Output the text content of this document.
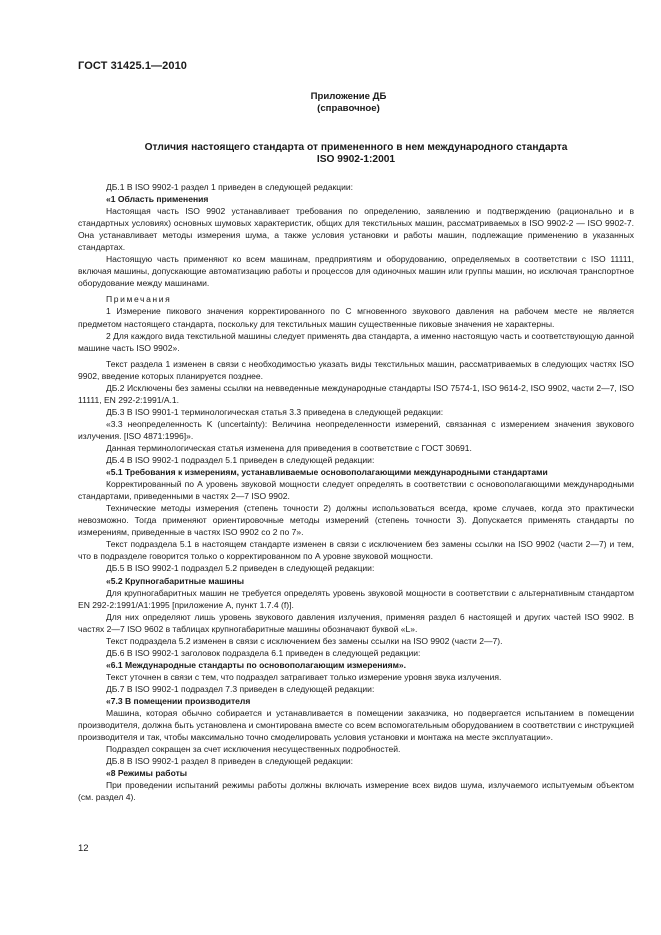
ГОСТ 31425.1—2010
Приложение ДБ
(справочное)
Отличия настоящего стандарта от примененного в нем международного стандарта
ISO 9902-1:2001

ДБ.1 В ISO 9902-1 раздел 1 приведен в следующей редакции:

«1 Область применения

Настоящая часть ISO 9902 устанавливает требования по определению, заявлению и подтверждению (рационально и в стандартных условиях) основных шумовых характеристик, общих для текстильных машин, рассматриваемых в ISO 9902-2 — ISO 9902-7. Она устанавливает методы измерения шума, а также условия установки и работы машин, подлежащие применению в указанных стандартах.

Настоящую часть применяют ко всем машинам, предприятиям и оборудованию, определяемых в соответствии с ISO 11111, включая машины, допускающие автоматизацию работы и процессов для одиночных машин или группы машин, но исключая транспортное оборудование между машинами.

Примечания

1 Измерение пикового значения корректированного по С мгновенного звукового давления на рабочем месте не является предметом настоящего стандарта, поскольку для текстильных машин существенные пиковые значения не характерны.

2 Для каждого вида текстильной машины следует применять два стандарта, а именно настоящую часть и соответствующую данной машине часть ISO 9902».

Текст раздела 1 изменен в связи с необходимостью указать виды текстильных машин, рассматриваемых в следующих частях ISO 9902, введение которых планируется позднее.

ДБ.2 Исключены без замены ссылки на невведенные международные стандарты ISO 7574-1, ISO 9614-2, ISO 9902, части 2—7, ISO 11111, EN 292-2:1991/A.1.

ДБ.3 В ISO 9901-1 терминологическая статья 3.3 приведена в следующей редакции:

«3.3 неопределенность K (uncertainty): Величина неопределенности измерений, связанная с измерением значения звукового излучения. [ISO 4871:1996]».

Данная терминологическая статья изменена для приведения в соответствие с ГОСТ 30691.

ДБ.4 В ISO 9902-1 подраздел 5.1 приведен в следующей редакции:

«5.1 Требования к измерениям, устанавливаемые основополагающими международными стандартами

Корректированный по А уровень звуковой мощности следует определять в соответствии с основополагающими международными стандартами, приведенными в частях 2—7 ISO 9902.

Технические методы измерения (степень точности 2) должны использоваться всегда, кроме случаев, когда это практически невозможно. Тогда применяют ориентировочные методы измерений (степень точности 3). Допускается применять стандарты по измерениям, приведенные в частях ISO 9902 со 2 по 7».

Текст подраздела 5.1 в настоящем стандарте изменен в связи с исключением без замены ссылки на ISO 9902 (части 2—7) и тем, что в подразделе говорится только о корректированном по А уровне звуковой мощности.

ДБ.5 В ISO 9902-1 подраздел 5.2 приведен в следующей редакции:

«5.2 Крупногабаритные машины

Для крупногабаритных машин не требуется определять уровень звуковой мощности в соответствии с альтернативным стандартом EN 292-2:1991/A1:1995 [приложение А, пункт 1.7.4 (f)].

Для них определяют лишь уровень звукового давления излучения, применяя раздел 6 настоящей и других частей ISO 9902. В частях 2—7 ISO 9602 в таблицах крупногабаритные машины обозначают буквой «L».

Текст подраздела 5.2 изменен в связи с исключением без замены ссылки на ISO 9902 (части 2—7).

ДБ.6 В ISO 9902-1 заголовок подраздела 6.1 приведен в следующей редакции:

«6.1 Международные стандарты по основополагающим измерениям».

Текст уточнен в связи с тем, что подраздел затрагивает только измерение уровня звука излучения.

ДБ.7 В ISO 9902-1 подраздел 7.3 приведен в следующей редакции:

«7.3 В помещении производителя

Машина, которая обычно собирается и устанавливается в помещении заказчика, но подвергается испытанием в помещении производителя, должна быть установлена и смонтирована вместе со всем вспомогательным оборудованием в соответствии с инструкцией производителя и так, чтобы максимально точно смоделировать условия установки и монтажа на месте эксплуатации».

Подраздел сокращен за счет исключения несущественных подробностей.

ДБ.8 В ISO 9902-1 раздел 8 приведен в следующей редакции:

«8 Режимы работы

При проведении испытаний режимы работы должны включать измерение всех видов шума, излучаемого испытуемым объектом (см. раздел 4).

12
